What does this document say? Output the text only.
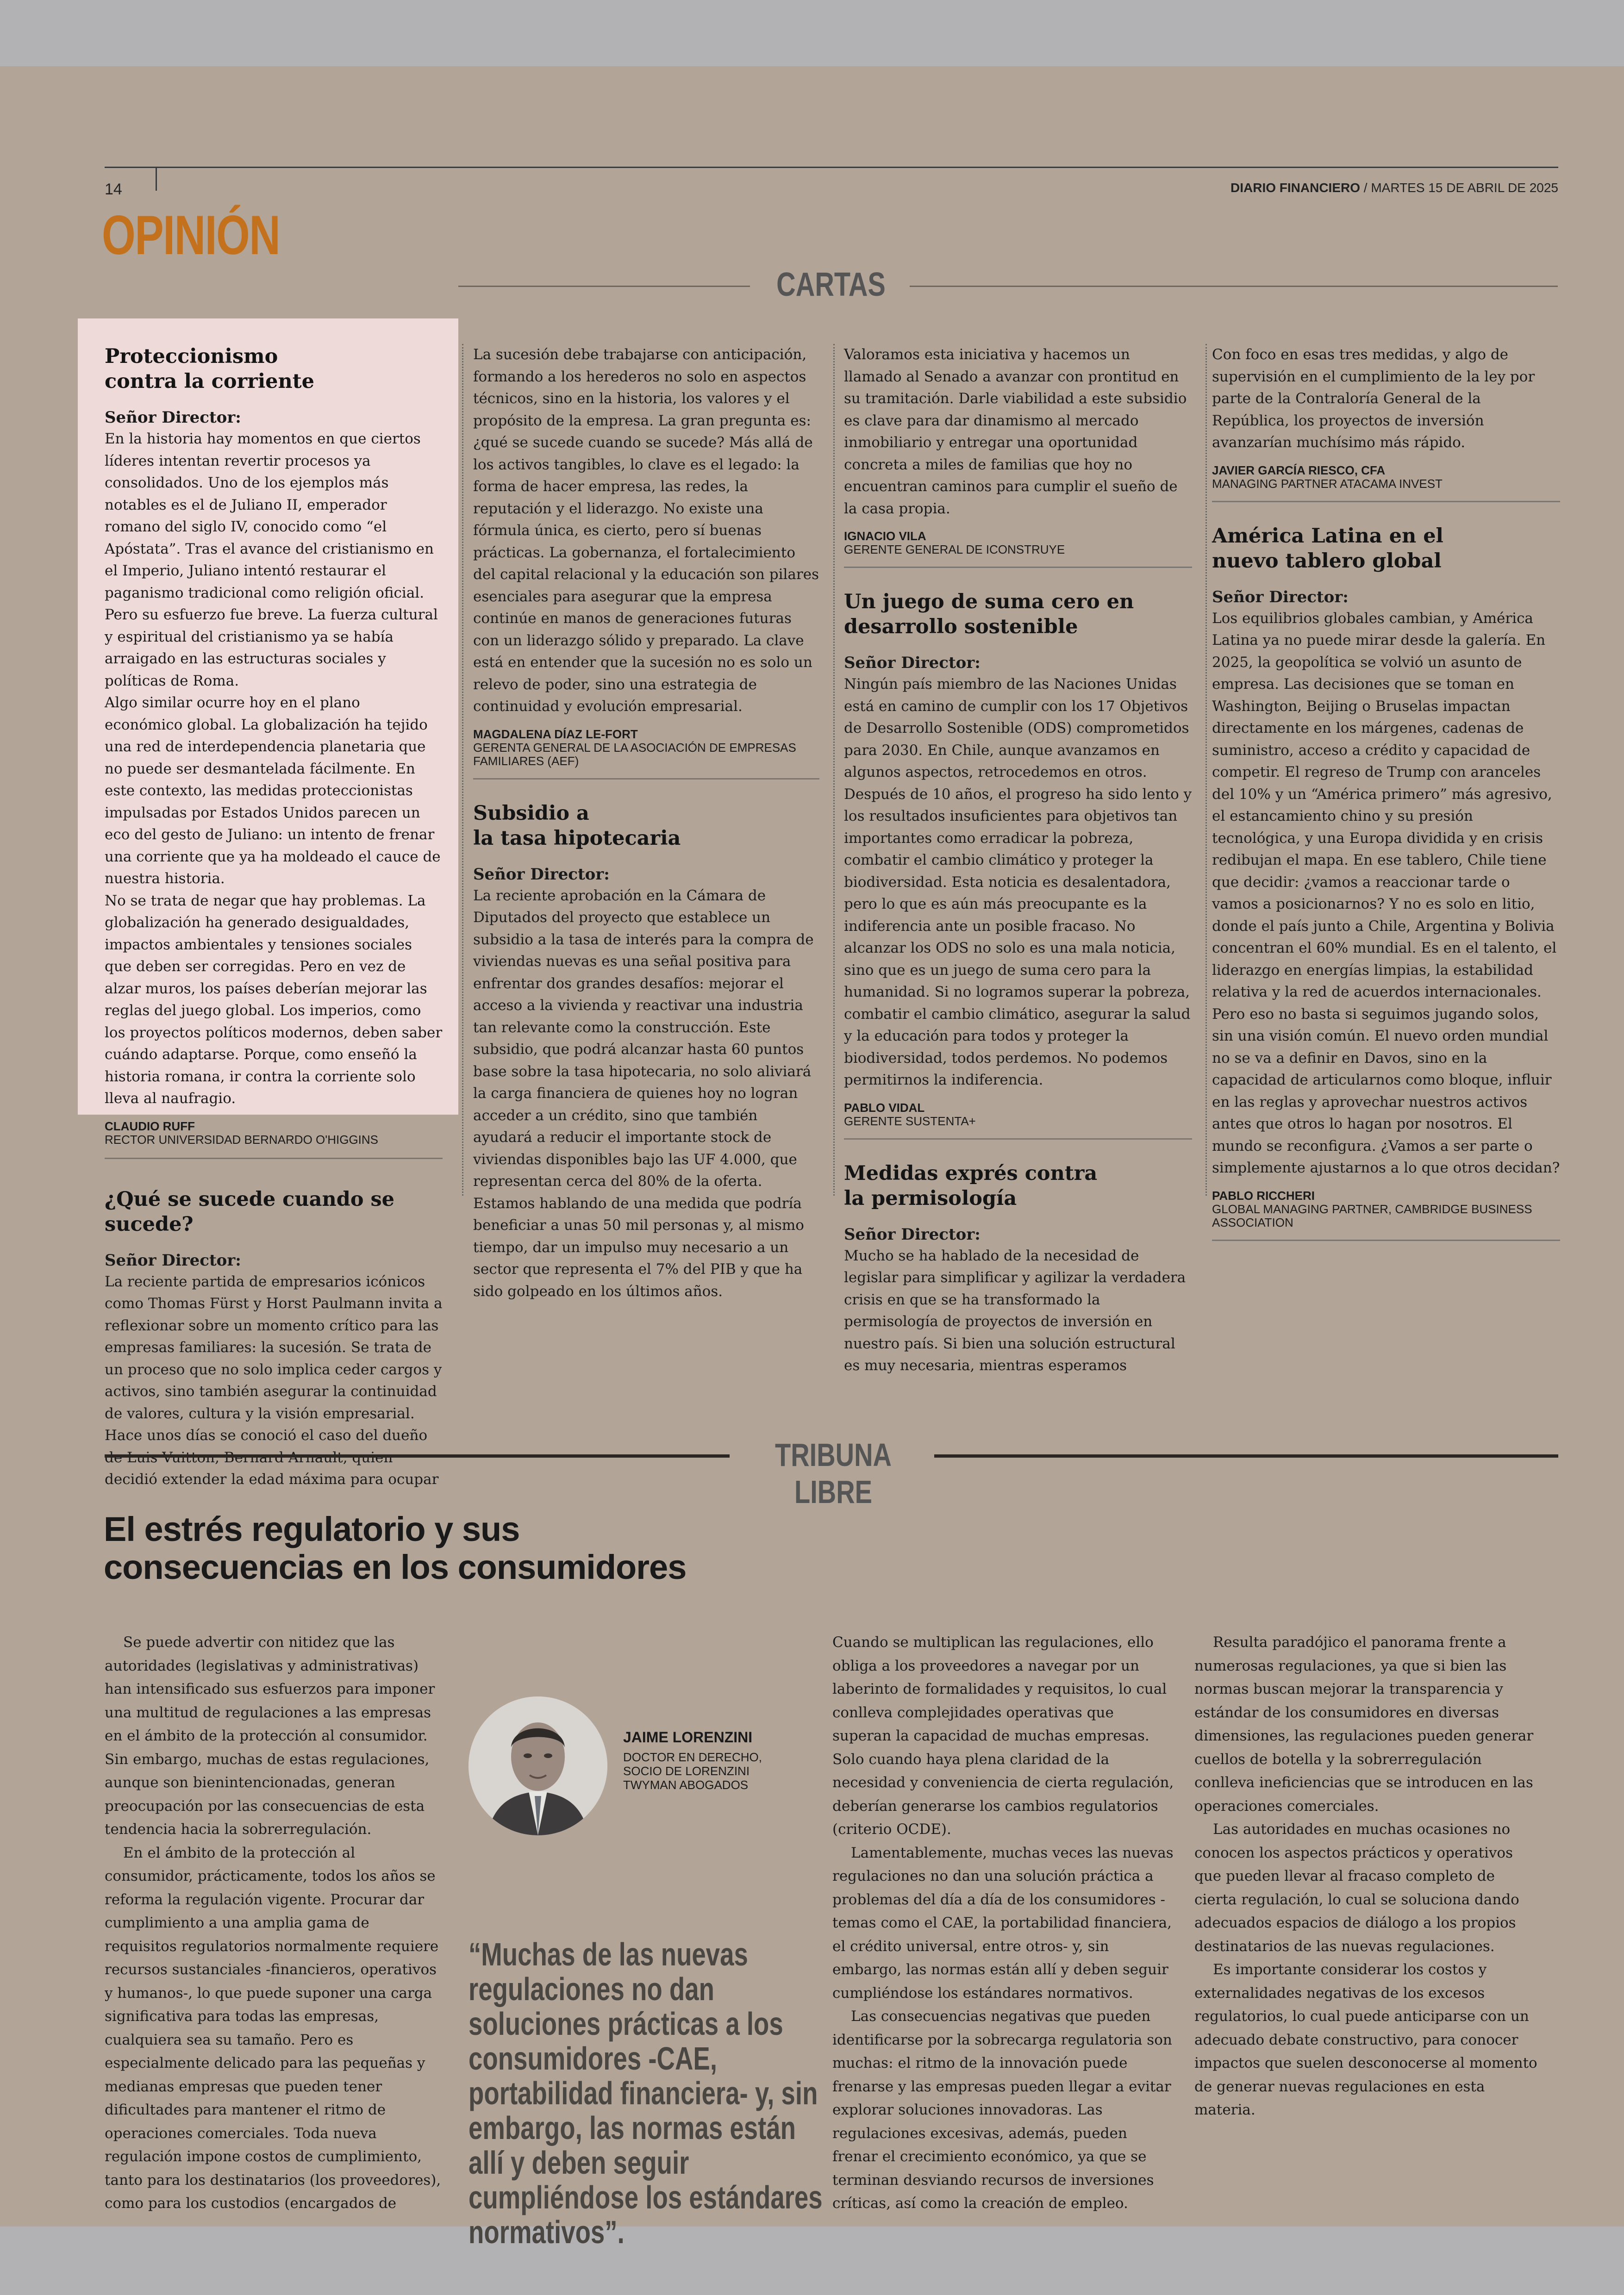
14	DIARIO FINANCIERO / MARTES 15 DE ABRIL DE 2025
OPINIÓN
CARTAS
Proteccionismo
contra la corriente
Señor Director:

En la historia hay momentos en que ciertos líderes intentan revertir procesos ya consolidados. Uno de los ejemplos más notables es el de Juliano II, emperador romano del siglo IV, conocido como “el Apóstata”. Tras el avance del cristianismo en el Imperio, Juliano intentó restaurar el paganismo tradicional como religión oficial. Pero su esfuerzo fue breve. La fuerza cultural y espiritual del cristianismo ya se había arraigado en las estructuras sociales y políticas de Roma.

Algo similar ocurre hoy en el plano económico global. La globalización ha tejido una red de interdependencia planetaria que no puede ser desmantelada fácilmente. En este contexto, las medidas proteccionistas impulsadas por Estados Unidos parecen un eco del gesto de Juliano: un intento de frenar una corriente que ya ha moldeado el cauce de nuestra historia.

No se trata de negar que hay problemas. La globalización ha generado desigualdades, impactos ambientales y tensiones sociales que deben ser corregidas. Pero en vez de alzar muros, los países deberían mejorar las reglas del juego global. Los imperios, como los proyectos políticos modernos, deben saber cuándo adaptarse. Porque, como enseñó la historia romana, ir contra la corriente solo lleva al naufragio.

CLAUDIO RUFF
RECTOR UNIVERSIDAD BERNARDO O'HIGGINS
¿Qué se sucede cuando se sucede?
Señor Director:

La reciente partida de empresarios icónicos como Thomas Fürst y Horst Paulmann invita a reflexionar sobre un momento crítico para las empresas familiares: la sucesión. Se trata de un proceso que no solo implica ceder cargos y activos, sino también asegurar la continuidad de valores, cultura y la visión empresarial.

Hace unos días se conoció el caso del dueño decidió extender la edad máxima para ocupar

La sucesión debe trabajarse con anticipación, formando a los herederos no solo en aspectos técnicos, sino en la historia, los valores y el propósito de la empresa. La gran pregunta es: ¿qué se sucede cuando se sucede? Más allá de los activos tangibles, lo clave es el legado: la forma de hacer empresa, las redes, la reputación y el liderazgo. No existe una fórmula única, es cierto, pero sí buenas prácticas. La gobernanza, el fortalecimiento del capital relacional y la educación son pilares esenciales para asegurar que la empresa continúe en manos de generaciones futuras con un liderazgo sólido y preparado. La clave está en entender que la sucesión no es solo un relevo de poder, sino una estrategia de continuidad y evolución empresarial.

MAGDALENA DÍAZ LE-FORT
GERENTA GENERAL DE LA ASOCIACIÓN DE EMPRESAS FAMILIARES (AEF)
Subsidio a
la tasa hipotecaria
Señor Director:

La reciente aprobación en la Cámara de Diputados del proyecto que establece un subsidio a la tasa de interés para la compra de viviendas nuevas es una señal positiva para enfrentar dos grandes desafíos: mejorar el acceso a la vivienda y reactivar una industria tan relevante como la construcción. Este subsidio, que podrá alcanzar hasta 60 puntos base sobre la tasa hipotecaria, no solo aliviará la carga financiera de quienes hoy no logran acceder a un crédito, sino que también ayudará a reducir el importante stock de viviendas disponibles bajo las UF 4.000, que representan cerca del 80% de la oferta. Estamos hablando de una medida que podría beneficiar a unas 50 mil personas y, al mismo tiempo, dar un impulso muy necesario a un sector que representa el 7% del PIB y que ha sido golpeado en los últimos años.

Valoramos esta iniciativa y hacemos un llamado al Senado a avanzar con prontitud en su tramitación. Darle viabilidad a este subsidio es clave para dar dinamismo al mercado inmobiliario y entregar una oportunidad concreta a miles de familias que hoy no encuentran caminos para cumplir el sueño de la casa propia.

IGNACIO VILA
GERENTE GENERAL DE ICONSTRUYE
Un juego de suma cero en
desarrollo sostenible
Señor Director:

Ningún país miembro de las Naciones Unidas está en camino de cumplir con los 17 Objetivos de Desarrollo Sostenible (ODS) comprometidos para 2030. En Chile, aunque avanzamos en algunos aspectos, retrocedemos en otros. Después de 10 años, el progreso ha sido lento y los resultados insuficientes para objetivos tan importantes como erradicar la pobreza, combatir el cambio climático y proteger la biodiversidad. Esta noticia es desalentadora, pero lo que es aún más preocupante es la indiferencia ante un posible fracaso. No alcanzar los ODS no solo es una mala noticia, sino que es un juego de suma cero para la humanidad. Si no logramos superar la pobreza, combatir el cambio climático, asegurar la salud y la educación para todos y proteger la biodiversidad, todos perdemos. No podemos permitirnos la indiferencia.

PABLO VIDAL
GERENTE SUSTENTA+
Medidas exprés contra
la permisología
Señor Director:

Mucho se ha hablado de la necesidad de legislar para simplificar y agilizar la verdadera crisis en que se ha transformado la permisología de proyectos de inversión en nuestro país. Si bien una solución estructural es muy necesaria, mientras esperamos

Con foco en esas tres medidas, y algo de supervisión en el cumplimiento de la ley por parte de la Contraloría General de la República, los proyectos de inversión avanzarían muchísimo más rápido.

JAVIER GARCÍA RIESCO, CFA
MANAGING PARTNER ATACAMA INVEST
América Latina en el
nuevo tablero global
Señor Director:

Los equilibrios globales cambian, y América Latina ya no puede mirar desde la galería. En 2025, la geopolítica se volvió un asunto de empresa. Las decisiones que se toman en Washington, Beijing o Bruselas impactan directamente en los márgenes, cadenas de suministro, acceso a crédito y capacidad de competir. El regreso de Trump con aranceles del 10% y un “América primero” más agresivo, el estancamiento chino y su presión tecnológica, y una Europa dividida y en crisis redibujan el mapa. En ese tablero, Chile tiene que decidir: ¿vamos a reaccionar tarde o vamos a posicionarnos? Y no es solo en litio, donde el país junto a Chile, Argentina y Bolivia concentran el 60% mundial. Es en el talento, el liderazgo en energías limpias, la estabilidad relativa y la red de acuerdos internacionales. Pero eso no basta si seguimos jugando solos, sin una visión común. El nuevo orden mundial no se va a definir en Davos, sino en la capacidad de articularnos como bloque, influir en las reglas y aprovechar nuestros activos antes que otros lo hagan por nosotros. El mundo se reconfigura. ¿Vamos a ser parte o simplemente ajustarnos a lo que otros decidan?

PABLO RICCHERI
GLOBAL MANAGING PARTNER, CAMBRIDGE BUSINESS ASSOCIATION
TRIBUNA LIBRE
El estrés regulatorio y sus
consecuencias en los consumidores

Se puede advertir con nitidez que las autoridades (legislativas y administrativas) han intensificado sus esfuerzos para imponer una multitud de regulaciones a las empresas en el ámbito de la protección al consumidor. Sin embargo, muchas de estas regulaciones, aunque son bienintencionadas, generan preocupación por las consecuencias de esta tendencia hacia la sobrerregulación.

En el ámbito de la protección al consumidor, prácticamente, todos los años se reforma la regulación vigente. Procurar dar cumplimiento a una amplia gama de requisitos regulatorios normalmente requiere recursos sustanciales -financieros, operativos y humanos-, lo que puede suponer una carga significativa para todas las empresas, cualquiera sea su tamaño. Pero es especialmente delicado para las pequeñas y medianas empresas que pueden tener dificultades para mantener el ritmo de operaciones comerciales. Toda nueva regulación impone costos de cumplimiento, tanto para los destinatarios (los proveedores), como para los custodios (encargados de

JAIME LORENZINI
DOCTOR EN DERECHO,
SOCIO DE LORENZINI
TWYMAN ABOGADOS
“Muchas de las nuevas regulaciones no dan soluciones prácticas a los consumidores -CAE, portabilidad financiera- y, sin embargo, las normas están allí y deben seguir cumpliéndose los estándares normativos”.

Cuando se multiplican las regulaciones, ello obliga a los proveedores a navegar por un laberinto de formalidades y requisitos, lo cual conlleva complejidades operativas que superan la capacidad de muchas empresas. Solo cuando haya plena claridad de la necesidad y conveniencia de cierta regulación, deberían generarse los cambios regulatorios (criterio OCDE).

Lamentablemente, muchas veces las nuevas regulaciones no dan una solución práctica a problemas del día a día de los consumidores -temas como el CAE, la portabilidad financiera, el crédito universal, entre otros- y, sin embargo, las normas están allí y deben seguir cumpliéndose los estándares normativos.

Las consecuencias negativas que pueden identificarse por la sobrecarga regulatoria son muchas: el ritmo de la innovación puede frenarse y las empresas pueden llegar a evitar explorar soluciones innovadoras. Las regulaciones excesivas, además, pueden frenar el crecimiento económico, ya que se terminan desviando recursos de inversiones críticas, así como la creación de empleo.

Resulta paradójico el panorama frente a numerosas regulaciones, ya que si bien las normas buscan mejorar la transparencia y estándar de los consumidores en diversas dimensiones, las regulaciones pueden generar cuellos de botella y la sobrerregulación conlleva ineficiencias que se introducen en las operaciones comerciales.

Las autoridades en muchas ocasiones no conocen los aspectos prácticos y operativos que pueden llevar al fracaso completo de cierta regulación, lo cual se soluciona dando adecuados espacios de diálogo a los propios destinatarios de las nuevas regulaciones.

Es importante considerar los costos y externalidades negativas de los excesos regulatorios, lo cual puede anticiparse con un adecuado debate constructivo, para conocer impactos que suelen desconocerse al momento de generar nuevas regulaciones en esta materia.
